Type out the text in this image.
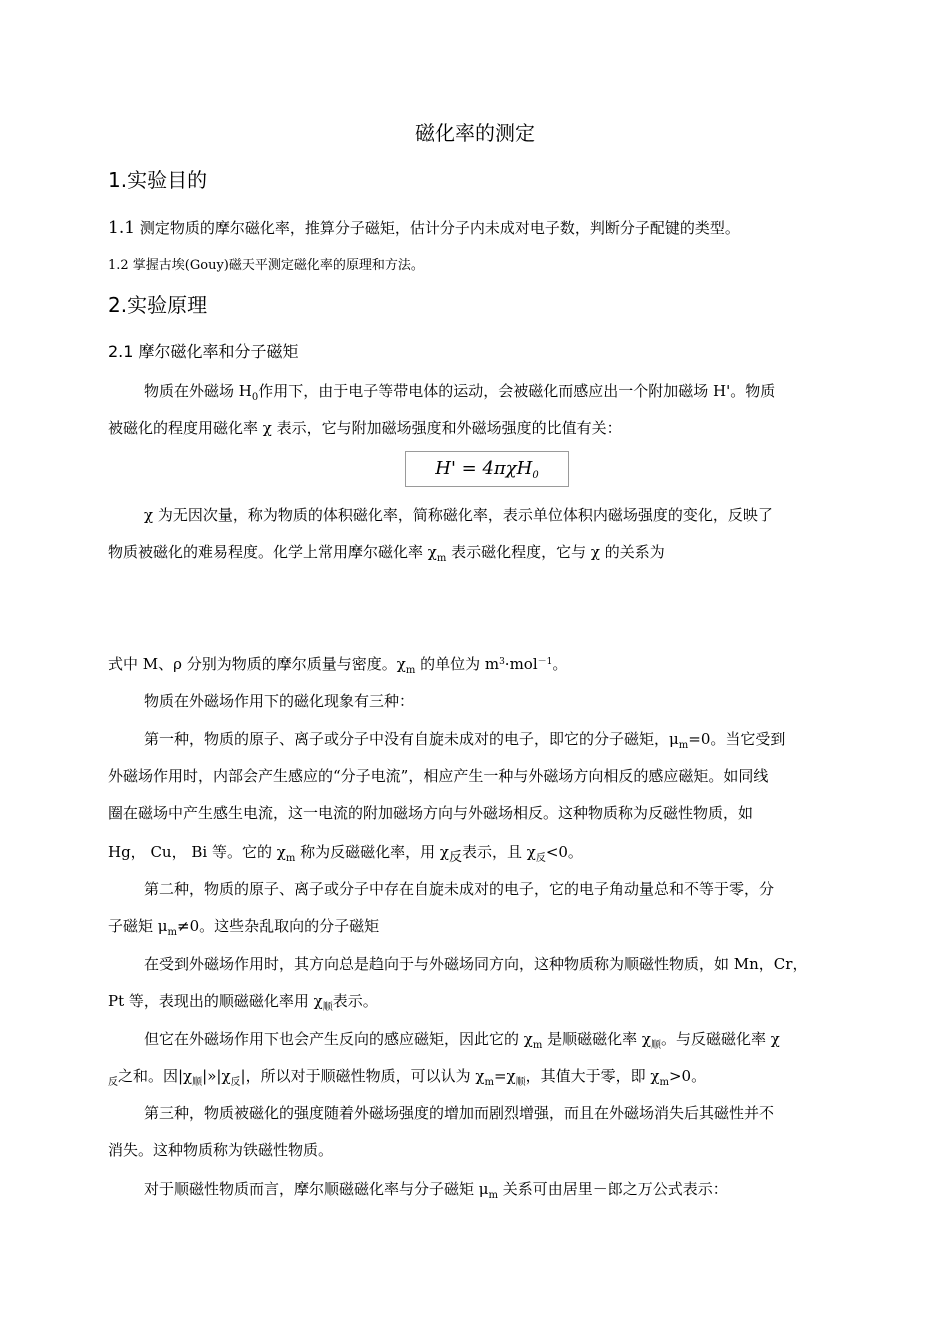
磁化率的测定
1.实验目的
1.1 测定物质的摩尔磁化率，推算分子磁矩，估计分子内未成对电子数，判断分子配键的类型。
1.2 掌握古埃(Gouy)磁天平测定磁化率的原理和方法。
2.实验原理
2.1 摩尔磁化率和分子磁矩
物质在外磁场 $H_0$作用下，由于电子等带电体的运动，会被磁化而感应出一个附加磁场 H'。物质
被磁化的程度用磁化率 χ 表示，它与附加磁场强度和外磁场强度的比值有关：
H' = 4πχH$_0$
χ 为无因次量，称为物质的体积磁化率，简称磁化率，表示单位体积内磁场强度的变化，反映了
物质被磁化的难易程度。化学上常用摩尔磁化率 $\chi_m$ 表示磁化程度，它与 χ 的关系为
式中 M、ρ 分别为物质的摩尔质量与密度。$\chi_m$ 的单位为 $m^3\cdot mol^{-1}$。
物质在外磁场作用下的磁化现象有三种：
第一种，物质的原子、离子或分子中没有自旋未成对的电子，即它的分子磁矩，$\mu_m=0$。当它受到
外磁场作用时，内部会产生感应的“分子电流”，相应产生一种与外磁场方向相反的感应磁矩。如同线
圈在磁场中产生感生电流，这一电流的附加磁场方向与外磁场相反。这种物质称为反磁性物质，如
Hg， Cu， Bi 等。它的 $\chi_m$ 称为反磁磁化率，用 $\chi_反$表示，且 $\chi_反<0$。
第二种，物质的原子、离子或分子中存在自旋未成对的电子，它的电子角动量总和不等于零，分
子磁矩 $\mu_m\ne 0$。这些杂乱取向的分子磁矩
在受到外磁场作用时，其方向总是趋向于与外磁场同方向，这种物质称为顺磁性物质，如 Mn，Cr，
Pt 等，表现出的顺磁磁化率用 $\chi_顺$表示。
但它在外磁场作用下也会产生反向的感应磁矩，因此它的 $\chi_m$ 是顺磁磁化率 $\chi_顺$。与反磁磁化率 χ
$_反$之和。因$|\chi_顺|»|\chi_反|$，所以对于顺磁性物质，可以认为 $\chi_m=\chi_顺$，其值大于零，即 $\chi_m>0$。
第三种，物质被磁化的强度随着外磁场强度的增加而剧烈增强，而且在外磁场消失后其磁性并不
消失。这种物质称为铁磁性物质。
对于顺磁性物质而言，摩尔顺磁磁化率与分子磁矩 $\mu_m$ 关系可由居里－郎之万公式表示：
